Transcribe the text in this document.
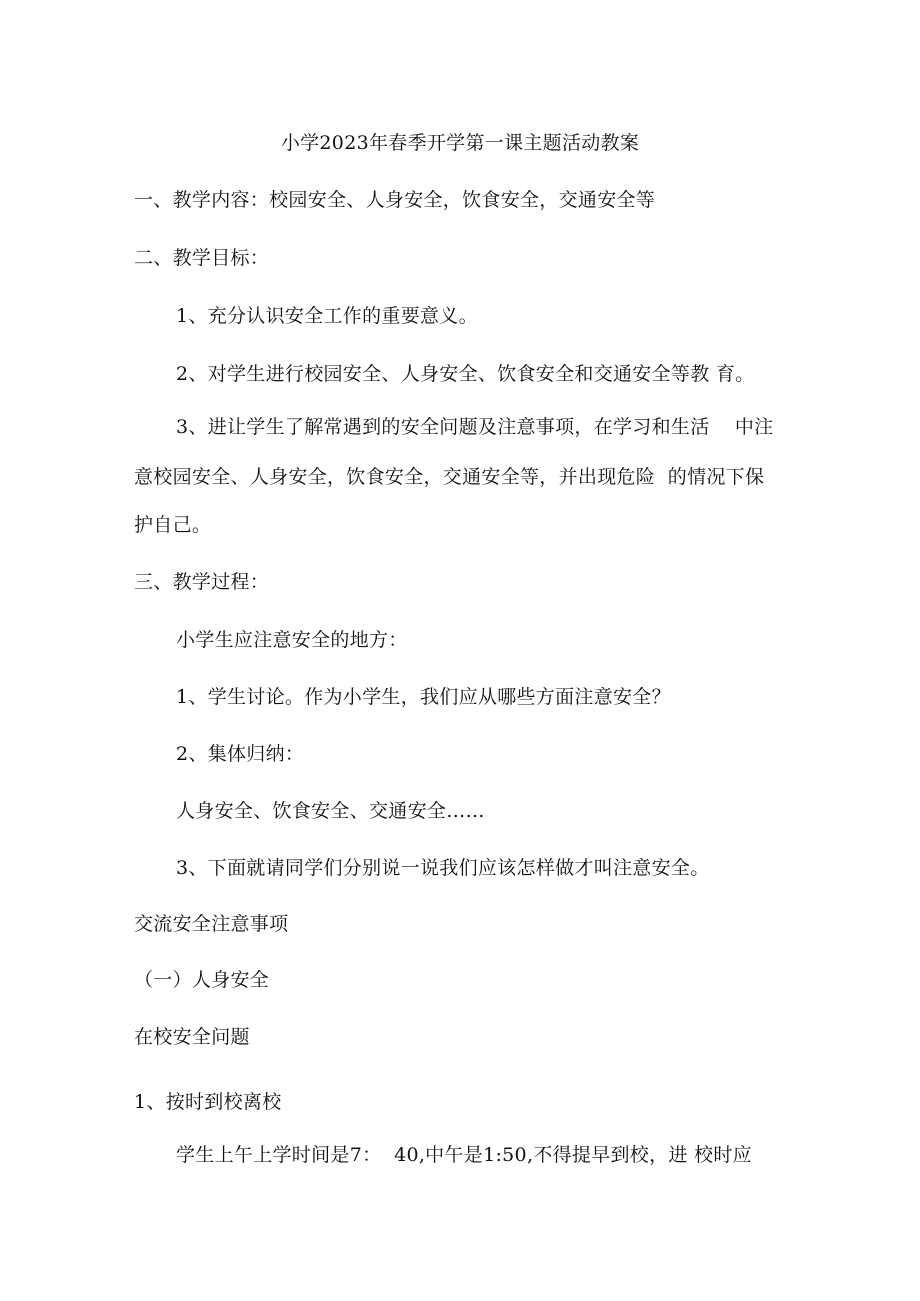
小学2023年春季开学第一课主题活动教案
一、教学内容：校园安全、人身安全，饮食安全，交通安全等
二、教学目标：
1、充分认识安全工作的重要意义。
2、对学生进行校园安全、人身安全、饮食安全和交通安全等教 育。
3、进让学生了解常遇到的安全问题及注意事项，在学习和生活    中注
意校园安全、人身安全，饮食安全，交通安全等，并出现危险  的情况下保
护自己。
三、教学过程：
小学生应注意安全的地方：
1、学生讨论。作为小学生，我们应从哪些方面注意安全？
2、集体归纳：
人身安全、饮食安全、交通安全……
3、下面就请同学们分别说一说我们应该怎样做才叫注意安全。
交流安全注意事项
（一）人身安全
在校安全问题
1、按时到校离校
学生上午上学时间是7：  40,中午是1:50,不得提早到校，进 校时应
